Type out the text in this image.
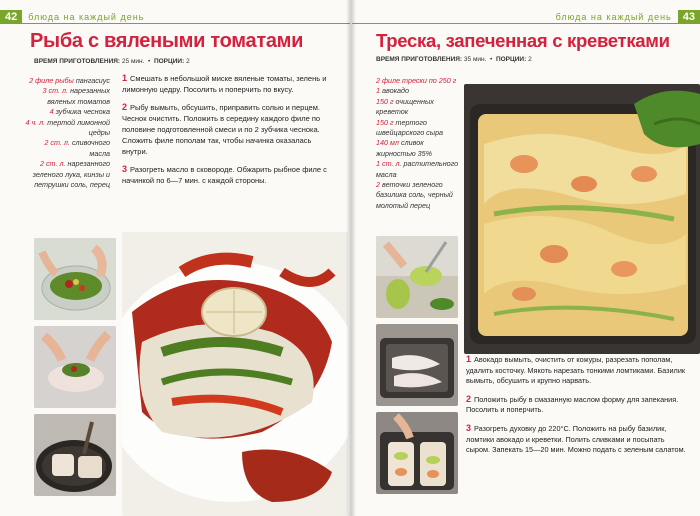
42	блюда на каждый день
Рыба с вялеными томатами
ВРЕМЯ ПРИГОТОВЛЕНИЯ: 25 мин.  •  ПОРЦИИ: 2
2 филе рыбы пангасиус
3 ст. л. нарезанных вяленых томатов
4 зубчика чеснока
4 ч. л. тертой лимонной цедры
2 ст. л. сливочного масла
2 ст. л. нарезанного зеленого лука, кинзы и петрушки соль, перец
1 Смешать в небольшой миске вяленые томаты, зелень и лимонную цедру. Посолить и поперчить по вкусу.
2 Рыбу вымыть, обсушить, приправить солью и перцем. Чеснок очистить. Положить в середину каждого филе по половине подготовленной смеси и по 2 зубчика чеснока. Сложить филе пополам так, чтобы начинка оказалась внутри.
3 Разогреть масло в сковороде. Обжарить рыбное филе с начинкой по 6—7 мин. с каждой стороны.
блюда на каждый день	43
Треска, запеченная с креветками
ВРЕМЯ ПРИГОТОВЛЕНИЯ: 35 мин.  •  ПОРЦИИ: 2
2 филе трески по 250 г
1 авокадо
150 г очищенных креветок
150 г тертого швейцарского сыра
140 мл сливок жирностью 35%
1 ст. л. растительного масла
2 веточки зеленого базилика соль, черный молотый перец
1 Авокадо вымыть, очистить от кожуры, разрезать пополам, удалить косточку. Мякоть нарезать тонкими ломтиками. Базилик вымыть, обсушить и крупно нарвать.
2 Положить рыбу в смазанную маслом форму для запекания. Посолить и поперчить.
3 Разогреть духовку до 220°С. Положить на рыбу базилик, ломтики авокадо и креветки. Полить сливками и посыпать сыром. Запекать 15—20 мин. Можно подать с зеленым салатом.
